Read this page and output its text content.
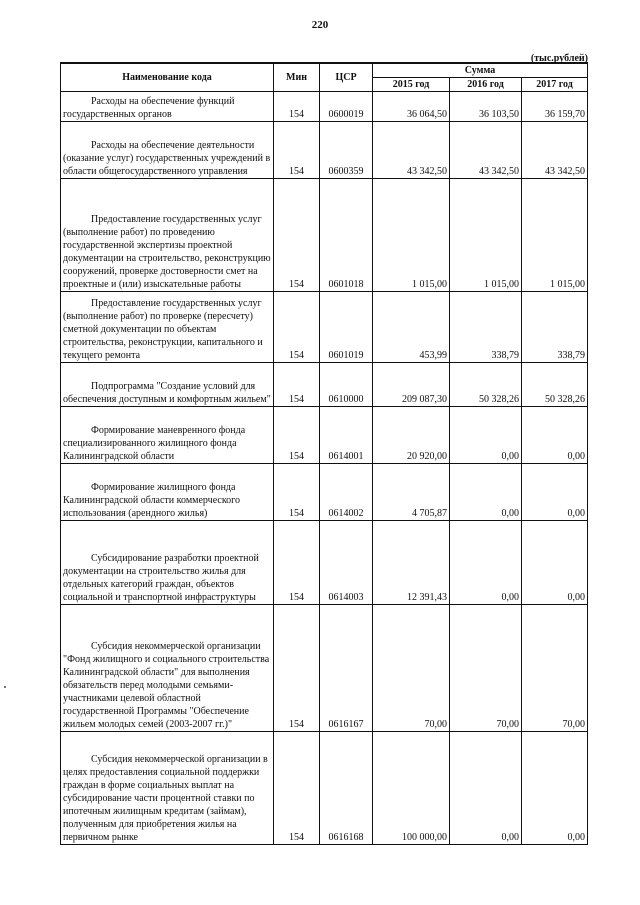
220
(тыс.рублей)
Наименование кода	Мин	ЦСР	Сумма		
			2015 год	2016 год	2017 год
Расходы на обеспечение функций государственных органов	154	0600019	36 064,50	36 103,50	36 159,70
Расходы на обеспечение деятельности (оказание услуг) государственных учреждений в области общегосударственного управления	154	0600359	43 342,50	43 342,50	43 342,50
Предоставление государственных услуг (выполнение работ) по проведению государственной экспертизы проектной документации на строительство, реконструкцию сооружений, проверке достоверности смет на проектные и (или) изыскательные работы	154	0601018	1 015,00	1 015,00	1 015,00
Предоставление государственных услуг (выполнение работ) по проверке (пересчету) сметной документации по объектам строительства, реконструкции, капитального и текущего ремонта	154	0601019	453,99	338,79	338,79
Подпрограмма "Создание условий для обеспечения доступным и комфортным жильем"	154	0610000	209 087,30	50 328,26	50 328,26
Формирование маневренного фонда специализированного жилищного фонда Калининградской области	154	0614001	20 920,00	0,00	0,00
Формирование жилищного фонда Калининградской области коммерческого использования (арендного жилья)	154	0614002	4 705,87	0,00	0,00
Субсидирование разработки проектной документации на строительство жилья для отдельных категорий граждан, объектов социальной и транспортной инфраструктуры	154	0614003	12 391,43	0,00	0,00
Субсидия некоммерческой организации "Фонд жилищного и социального строительства Калининградской области" для выполнения обязательств перед молодыми семьями-участниками целевой областной государственной Программы "Обеспечение жильем молодых семей (2003-2007 гг.)"	154	0616167	70,00	70,00	70,00
Субсидия некоммерческой организации в целях предоставления социальной поддержки граждан в форме социальных выплат на субсидирование части процентной ставки по ипотечным жилищным кредитам (займам), полученным для приобретения жилья на первичном рынке	154	0616168	100 000,00	0,00	0,00
